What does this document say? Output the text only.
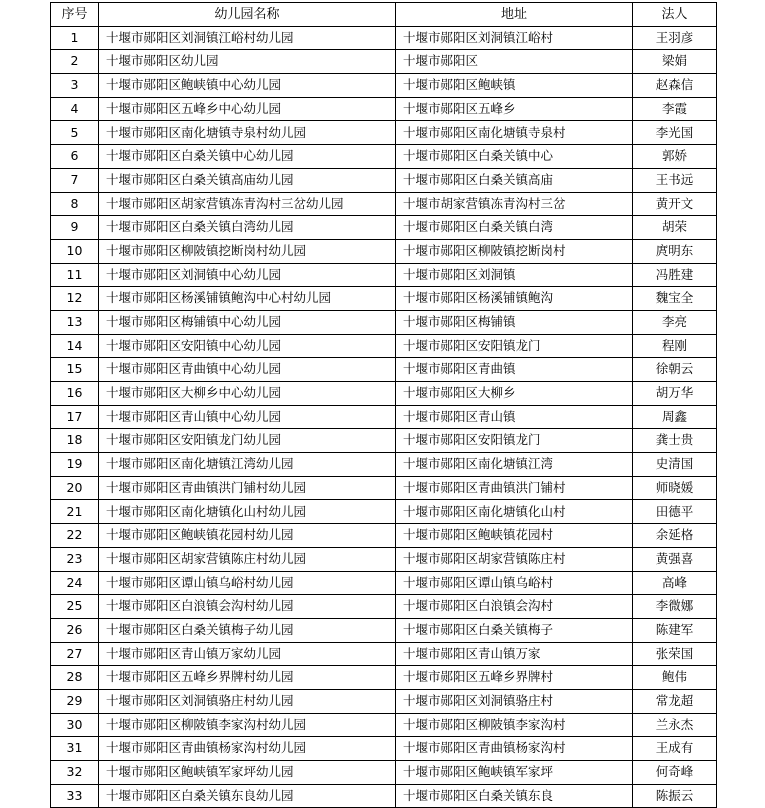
序号	幼儿园名称	地址	法人
1	十堰市郧阳区刘洞镇江峪村幼儿园	十堰市郧阳区刘洞镇江峪村	王羽彦
2	十堰市郧阳区幼儿园	十堰市郧阳区	梁娟
3	十堰市郧阳区鲍峡镇中心幼儿园	十堰市郧阳区鲍峡镇	赵森信
4	十堰市郧阳区五峰乡中心幼儿园	十堰市郧阳区五峰乡	李霞
5	十堰市郧阳区南化塘镇寺泉村幼儿园	十堰市郧阳区南化塘镇寺泉村	李光国
6	十堰市郧阳区白桑关镇中心幼儿园	十堰市郧阳区白桑关镇中心	郭娇
7	十堰市郧阳区白桑关镇高庙幼儿园	十堰市郧阳区白桑关镇高庙	王书远
8	十堰市郧阳区胡家营镇冻青沟村三岔幼儿园	十堰市胡家营镇冻青沟村三岔	黄开文
9	十堰市郧阳区白桑关镇白湾幼儿园	十堰市郧阳区白桑关镇白湾	胡荣
10	十堰市郧阳区柳陂镇挖断岗村幼儿园	十堰市郧阳区柳陂镇挖断岗村	庹明东
11	十堰市郧阳区刘洞镇中心幼儿园	十堰市郧阳区刘洞镇	冯胜建
12	十堰市郧阳区杨溪铺镇鲍沟中心村幼儿园	十堰市郧阳区杨溪铺镇鲍沟	魏宝全
13	十堰市郧阳区梅铺镇中心幼儿园	十堰市郧阳区梅铺镇	李亮
14	十堰市郧阳区安阳镇中心幼儿园	十堰市郧阳区安阳镇龙门	程刚
15	十堰市郧阳区青曲镇中心幼儿园	十堰市郧阳区青曲镇	徐朝云
16	十堰市郧阳区大柳乡中心幼儿园	十堰市郧阳区大柳乡	胡万华
17	十堰市郧阳区青山镇中心幼儿园	十堰市郧阳区青山镇	周鑫
18	十堰市郧阳区安阳镇龙门幼儿园	十堰市郧阳区安阳镇龙门	龚士贵
19	十堰市郧阳区南化塘镇江湾幼儿园	十堰市郧阳区南化塘镇江湾	史清国
20	十堰市郧阳区青曲镇洪门铺村幼儿园	十堰市郧阳区青曲镇洪门铺村	师晓媛
21	十堰市郧阳区南化塘镇化山村幼儿园	十堰市郧阳区南化塘镇化山村	田德平
22	十堰市郧阳区鲍峡镇花园村幼儿园	十堰市郧阳区鲍峡镇花园村	余延格
23	十堰市郧阳区胡家营镇陈庄村幼儿园	十堰市郧阳区胡家营镇陈庄村	黄强喜
24	十堰市郧阳区谭山镇乌峪村幼儿园	十堰市郧阳区谭山镇乌峪村	高峰
25	十堰市郧阳区白浪镇会沟村幼儿园	十堰市郧阳区白浪镇会沟村	李微娜
26	十堰市郧阳区白桑关镇梅子幼儿园	十堰市郧阳区白桑关镇梅子	陈建军
27	十堰市郧阳区青山镇万家幼儿园	十堰市郧阳区青山镇万家	张荣国
28	十堰市郧阳区五峰乡界牌村幼儿园	十堰市郧阳区五峰乡界牌村	鲍伟
29	十堰市郧阳区刘洞镇骆庄村幼儿园	十堰市郧阳区刘洞镇骆庄村	常龙超
30	十堰市郧阳区柳陂镇李家沟村幼儿园	十堰市郧阳区柳陂镇李家沟村	兰永杰
31	十堰市郧阳区青曲镇杨家沟村幼儿园	十堰市郧阳区青曲镇杨家沟村	王成有
32	十堰市郧阳区鲍峡镇军家坪幼儿园	十堰市郧阳区鲍峡镇军家坪	何奇峰
33	十堰市郧阳区白桑关镇东良幼儿园	十堰市郧阳区白桑关镇东良	陈振云
